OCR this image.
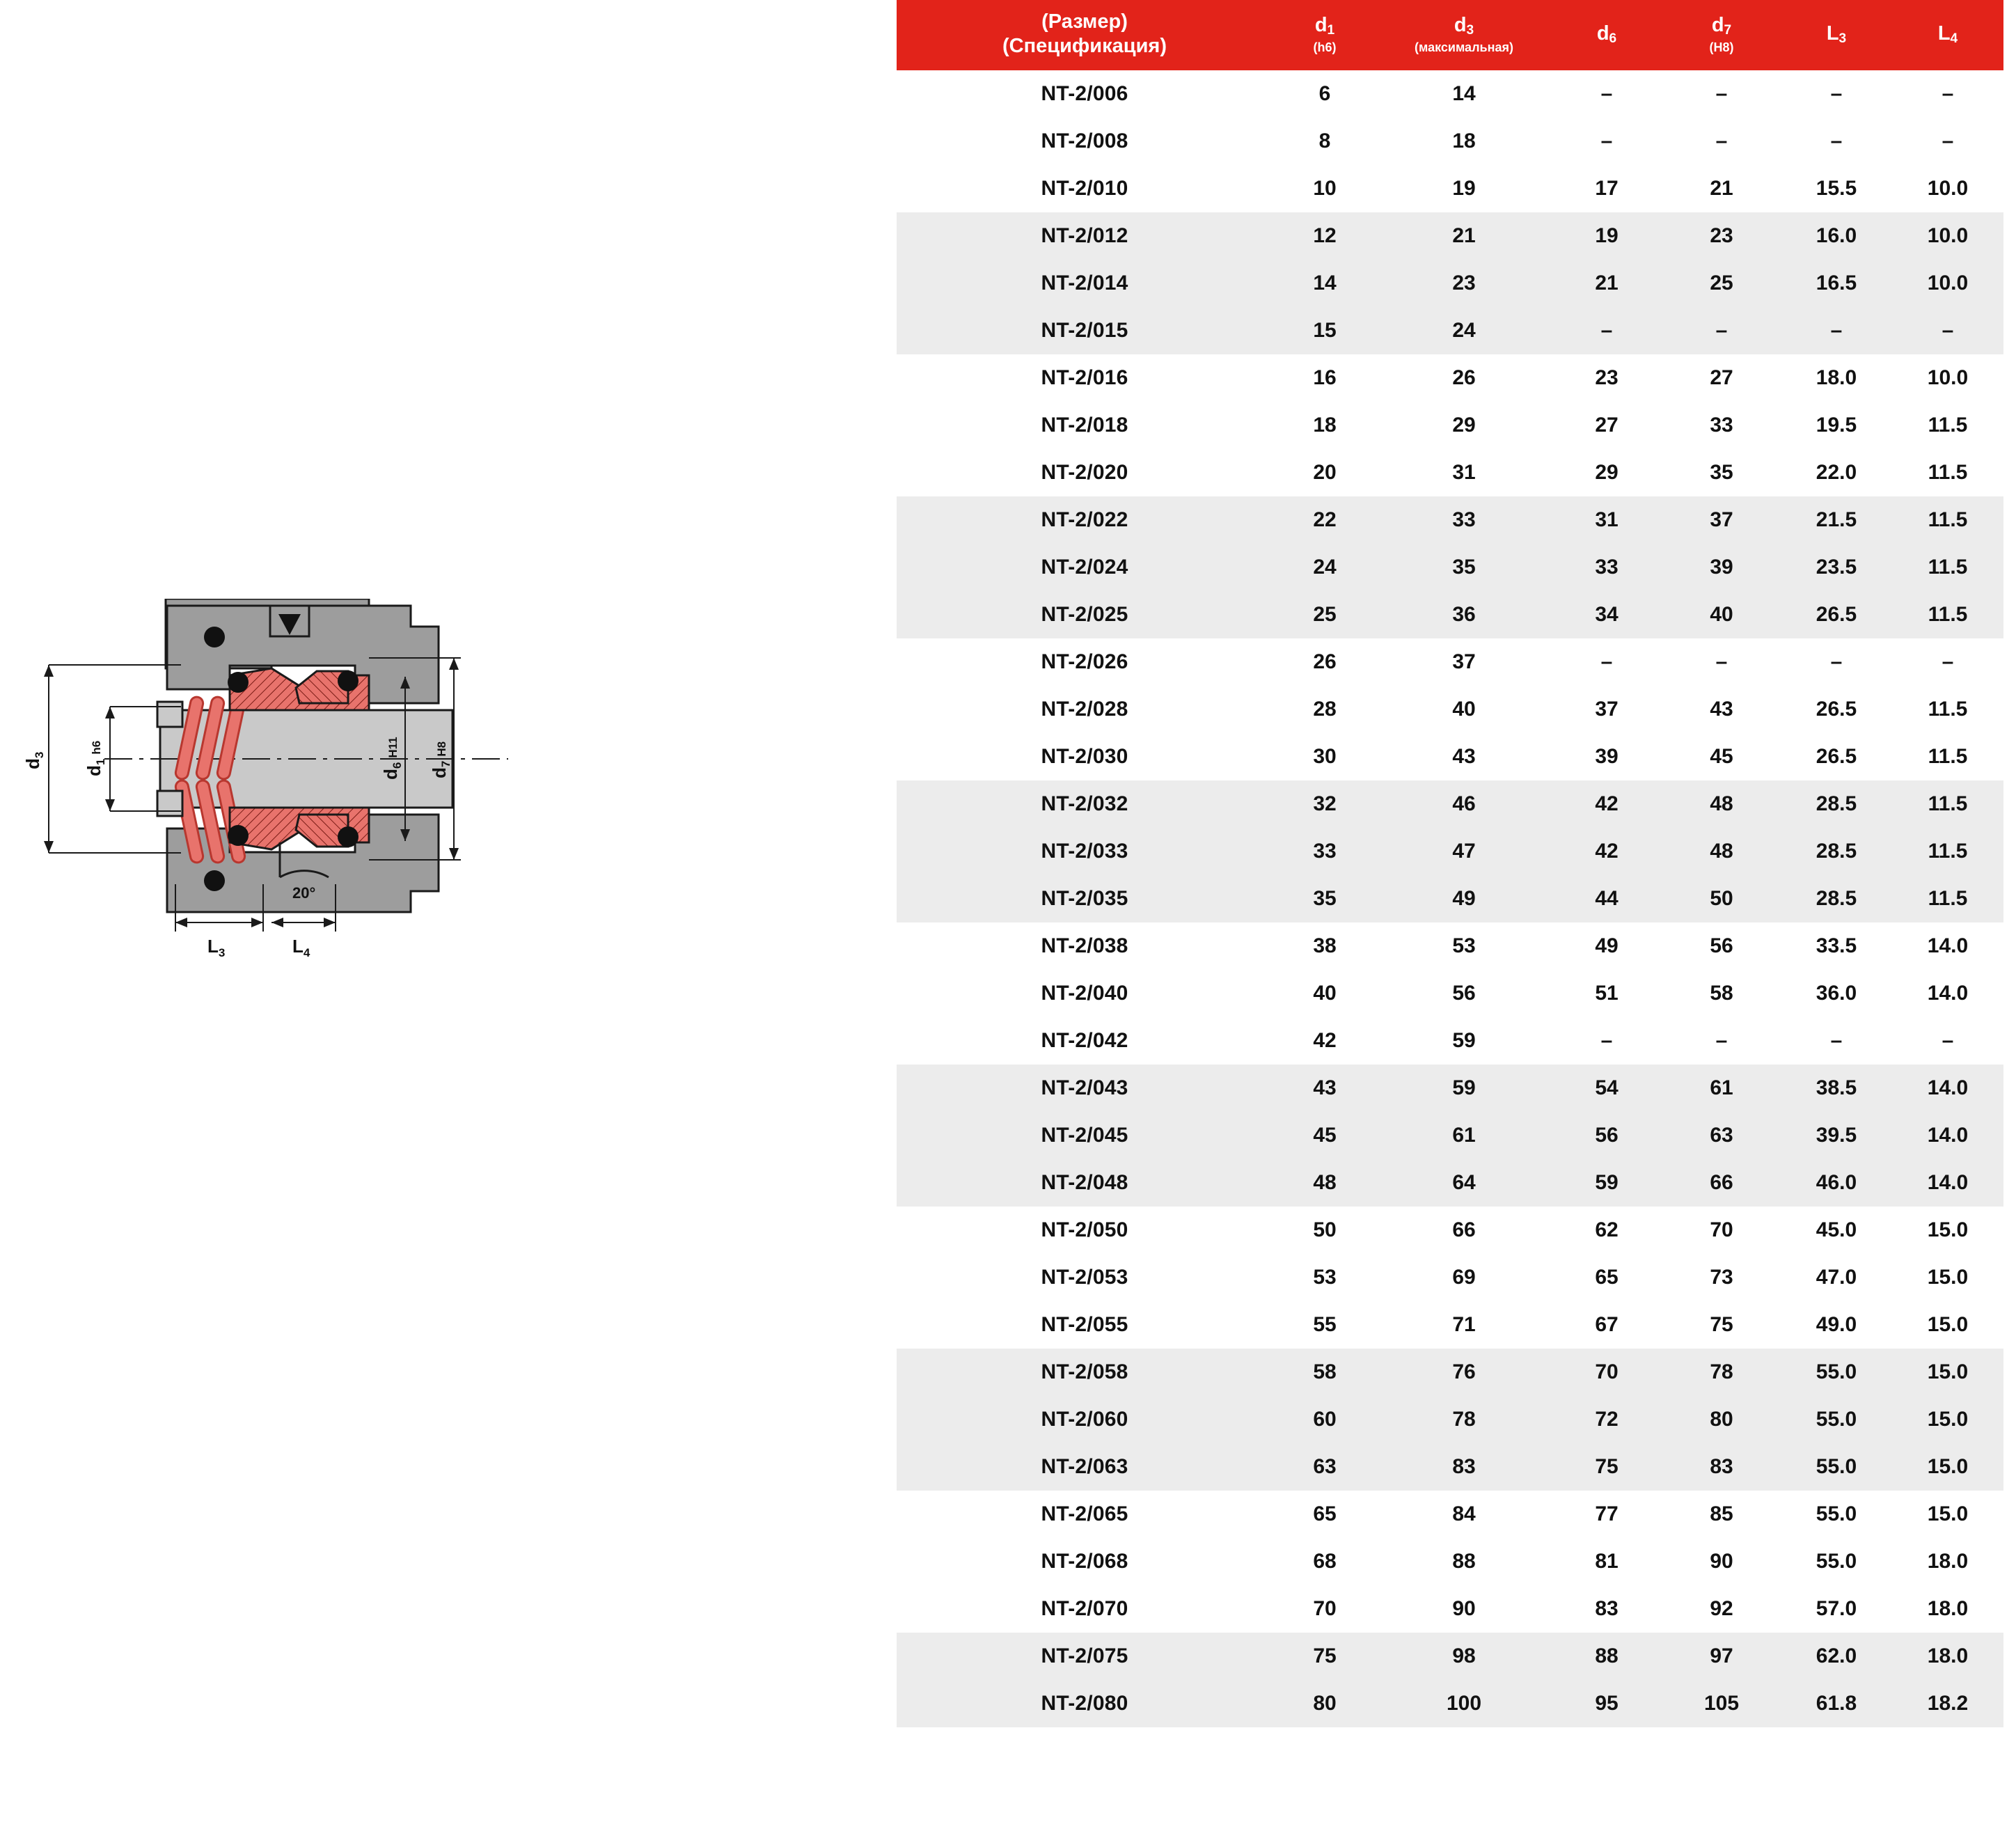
20°
$d_3$
$d_1^{h6}$
$d_6^{H11}$
$d_7^{H8}$
$L_3$	$L_4$
(Размер)
(Спецификация)
	$d_1$
(h6)
	$d_3$
(максимальная)
	$d_6$	$d_7$
(H8)
	$L_3$	$L_4$
NT-2/006	6	14	–	–	–	–
NT-2/008	8	18	–	–	–	–
NT-2/010	10	19	17	21	15.5	10.0
NT-2/012	12	21	19	23	16.0	10.0
NT-2/014	14	23	21	25	16.5	10.0
NT-2/015	15	24	–	–	–	–
NT-2/016	16	26	23	27	18.0	10.0
NT-2/018	18	29	27	33	19.5	11.5
NT-2/020	20	31	29	35	22.0	11.5
NT-2/022	22	33	31	37	21.5	11.5
NT-2/024	24	35	33	39	23.5	11.5
NT-2/025	25	36	34	40	26.5	11.5
NT-2/026	26	37	–	–	–	–
NT-2/028	28	40	37	43	26.5	11.5
NT-2/030	30	43	39	45	26.5	11.5
NT-2/032	32	46	42	48	28.5	11.5
NT-2/033	33	47	42	48	28.5	11.5
NT-2/035	35	49	44	50	28.5	11.5
NT-2/038	38	53	49	56	33.5	14.0
NT-2/040	40	56	51	58	36.0	14.0
NT-2/042	42	59	–	–	–	–
NT-2/043	43	59	54	61	38.5	14.0
NT-2/045	45	61	56	63	39.5	14.0
NT-2/048	48	64	59	66	46.0	14.0
NT-2/050	50	66	62	70	45.0	15.0
NT-2/053	53	69	65	73	47.0	15.0
NT-2/055	55	71	67	75	49.0	15.0
NT-2/058	58	76	70	78	55.0	15.0
NT-2/060	60	78	72	80	55.0	15.0
NT-2/063	63	83	75	83	55.0	15.0
NT-2/065	65	84	77	85	55.0	15.0
NT-2/068	68	88	81	90	55.0	18.0
NT-2/070	70	90	83	92	57.0	18.0
NT-2/075	75	98	88	97	62.0	18.0
NT-2/080	80	100	95	105	61.8	18.2
